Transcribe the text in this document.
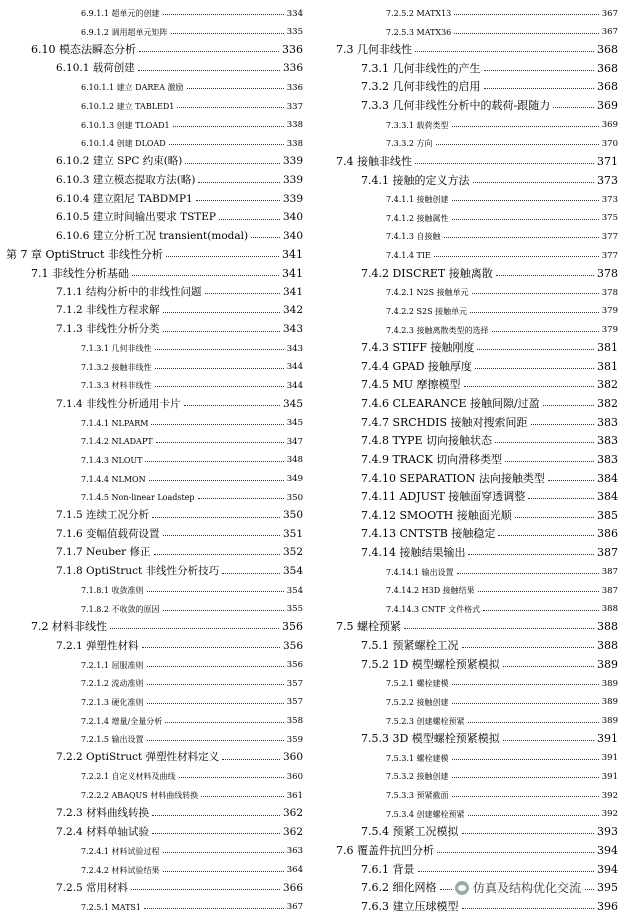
6.9.1.1 超单元的创建	334
6.9.1.2 调用超单元矩阵	335
6.10 模态法瞬态分析	336
6.10.1 载荷创建	336
6.10.1.1 建立 DAREA 激励	336
6.10.1.2 建立 TABLED1	337
6.10.1.3 创建 TLOAD1	338
6.10.1.4 创建 DLOAD	338
6.10.2 建立 SPC 约束(略)	339
6.10.3 建立模态提取方法(略)	339
6.10.4 建立阻尼 TABDMP1	339
6.10.5 建立时间输出要求 TSTEP	340
6.10.6 建立分析工况 transient(modal)	340
第 7 章 OptiStruct 非线性分析	341
7.1 非线性分析基础	341
7.1.1 结构分析中的非线性问题	341
7.1.2 非线性方程求解	342
7.1.3 非线性分析分类	343
7.1.3.1 几何非线性	343
7.1.3.2 接触非线性	344
7.1.3.3 材料非线性	344
7.1.4 非线性分析通用卡片	345
7.1.4.1 NLPARM	345
7.1.4.2 NLADAPT	347
7.1.4.3 NLOUT	348
7.1.4.4 NLMON	349
7.1.4.5 Non-linear Loadstep	350
7.1.5 连续工况分析	350
7.1.6 变幅值载荷设置	351
7.1.7 Neuber 修正	352
7.1.8 OptiStruct 非线性分析技巧	354
7.1.8.1 收敛准则	354
7.1.8.2 不收敛的原因	355
7.2 材料非线性	356
7.2.1 弹塑性材料	356
7.2.1.1 屈服准则	356
7.2.1.2 流动准则	357
7.2.1.3 硬化准则	357
7.2.1.4 增量/全量分析	358
7.2.1.5 输出设置	359
7.2.2 OptiStruct 弹塑性材料定义	360
7.2.2.1 自定义材料及曲线	360
7.2.2.2 ABAQUS 材料曲线转换	361
7.2.3 材料曲线转换	362
7.2.4 材料单轴试验	362
7.2.4.1 材料试验过程	363
7.2.4.2 材料试验结果	364
7.2.5 常用材料	366
7.2.5.1 MATS1	367
7.2.5.2 MATX13	367
7.2.5.3 MATX36	367
7.3 几何非线性	368
7.3.1 几何非线性的产生	368
7.3.2 几何非线性的启用	368
7.3.3 几何非线性分析中的载荷-跟随力	369
7.3.3.1 载荷类型	369
7.3.3.2 方向	370
7.4 接触非线性	371
7.4.1 接触的定义方法	373
7.4.1.1 接触创建	373
7.4.1.2 接触属性	375
7.4.1.3 自接触	377
7.4.1.4 TIE	377
7.4.2 DISCRET 接触离散	378
7.4.2.1 N2S 接触单元	378
7.4.2.2 S2S 接触单元	379
7.4.2.3 接触离散类型的选择	379
7.4.3 STIFF 接触刚度	381
7.4.4 GPAD 接触厚度	381
7.4.5 MU 摩擦模型	382
7.4.6 CLEARANCE 接触间隙/过盈	382
7.4.7 SRCHDIS 接触对搜索间距	383
7.4.8 TYPE 切向接触状态	383
7.4.9 TRACK 切向滑移类型	383
7.4.10 SEPARATION 法向接触类型	384
7.4.11 ADJUST 接触面穿透调整	384
7.4.12 SMOOTH 接触面光顺	385
7.4.13 CNTSTB 接触稳定	386
7.4.14 接触结果输出	387
7.4.14.1 输出设置	387
7.4.14.2 H3D 接触结果	387
7.4.14.3 CNTF 文件格式	388
7.5 螺栓预紧	388
7.5.1 预紧螺栓工况	388
7.5.2 1D 模型螺栓预紧模拟	389
7.5.2.1 螺栓建模	389
7.5.2.2 接触创建	389
7.5.2.3 创建螺栓预紧	389
7.5.3 3D 模型螺栓预紧模拟	391
7.5.3.1 螺栓建模	391
7.5.3.2 接触创建	391
7.5.3.3 预紧截面	392
7.5.3.4 创建螺栓预紧	392
7.5.4 预紧工况模拟	393
7.6 覆盖件抗凹分析	394
7.6.1 背景	394
7.6.2 细化网格	395
7.6.3 建立压球模型	396
仿真及结构优化交流
